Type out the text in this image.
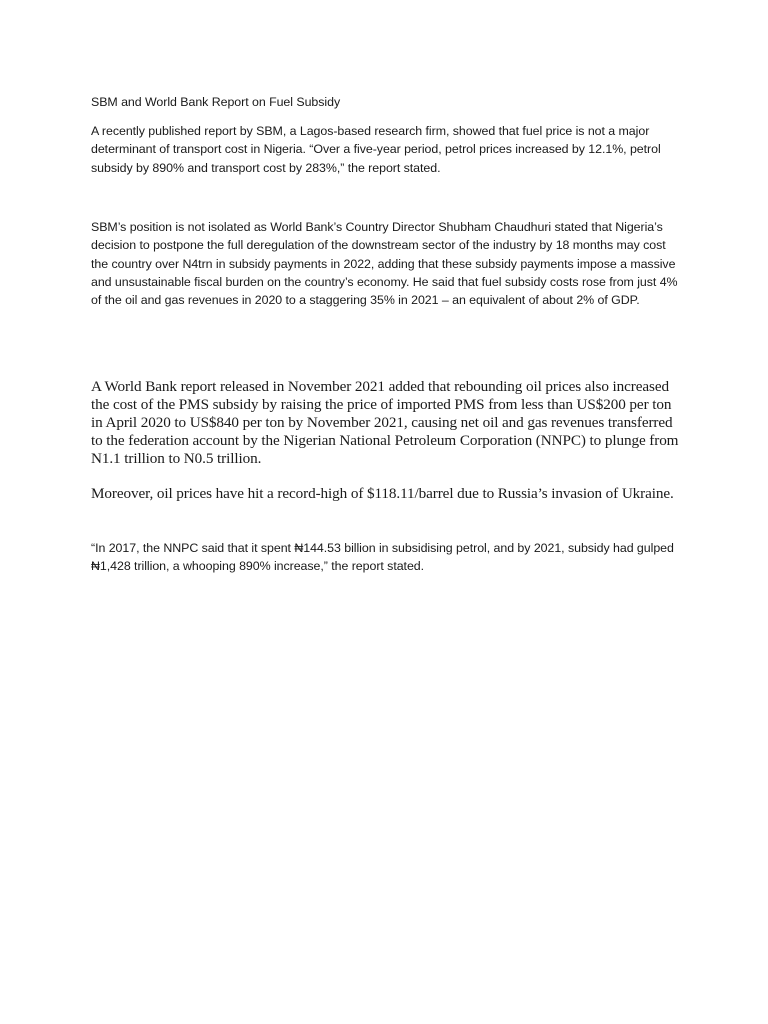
SBM and World Bank Report on Fuel Subsidy

A recently published report by SBM, a Lagos-based research firm, showed that fuel price is not a major determinant of transport cost in Nigeria. “Over a five-year period, petrol prices increased by 12.1%, petrol subsidy by 890% and transport cost by 283%,” the report stated.

SBM’s position is not isolated as World Bank’s Country Director Shubham Chaudhuri stated that Nigeria’s decision to postpone the full deregulation of the downstream sector of the industry by 18 months may cost the country over N4trn in subsidy payments in 2022, adding that these subsidy payments impose a massive and unsustainable fiscal burden on the country’s economy. He said that fuel subsidy costs rose from just 4% of the oil and gas revenues in 2020 to a staggering 35% in 2021 – an equivalent of about 2% of GDP.

A World Bank report released in November 2021 added that rebounding oil prices also increased the cost of the PMS subsidy by raising the price of imported PMS from less than US$200 per ton in April 2020 to US$840 per ton by November 2021, causing net oil and gas revenues transferred to the federation account by the Nigerian National Petroleum Corporation (NNPC) to plunge from N1.1 trillion to N0.5 trillion.

Moreover, oil prices have hit a record-high of $118.11/barrel due to Russia’s invasion of Ukraine.

“In 2017, the NNPC said that it spent ₦144.53 billion in subsidising petrol, and by 2021, subsidy had gulped ₦1,428 trillion, a whooping 890% increase,” the report stated.
